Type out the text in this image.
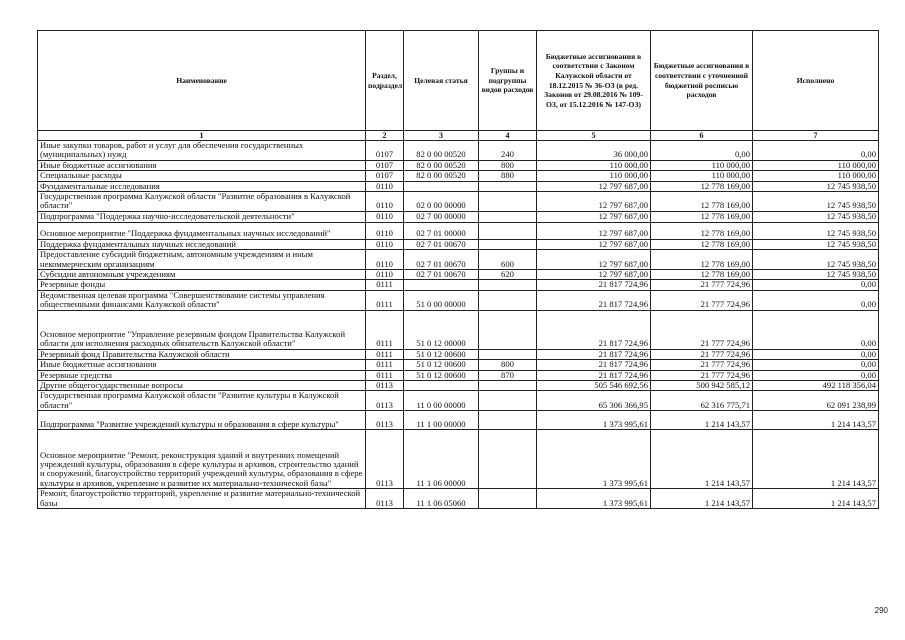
Наименование	Раздел, подраздел	Целевая статья	Группы и подгруппы видов расходов	Бюджетные ассигнования в соответствии с Законом Калужской области от 18.12.2015 № 36-ОЗ (в ред. Законов от 29.08.2016 № 109-ОЗ, от 15.12.2016 № 147-ОЗ)	Бюджетные ассигнования в соответствии с уточненной бюджетной росписью расходов	Исполнено
1	2	3	4	5	6	7
Иные закупки товаров, работ и услуг для обеспечения государственных (муниципальных) нужд	0107	82 0 00 00520	240	36 000,00	0,00	0,00
Иные бюджетные ассигнования	0107	82 0 00 00520	800	110 000,00	110 000,00	110 000,00
Специальные расходы	0107	82 0 00 00520	880	110 000,00	110 000,00	110 000,00
Фундаментальные исследования	0110			12 797 687,00	12 778 169,00	12 745 938,50
Государственная программа Калужской области "Развитие образования в Калужской области"	0110	02 0 00 00000		12 797 687,00	12 778 169,00	12 745 938,50
Подпрограмма "Поддержка научно-исследовательской деятельности"	0110	02 7 00 00000		12 797 687,00	12 778 169,00	12 745 938,50
Основное мероприятие "Поддержка фундаментальных научных исследований"	0110	02 7 01 00000		12 797 687,00	12 778 169,00	12 745 938,50
Поддержка фундаментальных научных исследований	0110	02 7 01 00670		12 797 687,00	12 778 169,00	12 745 938,50
Предоставление субсидий бюджетным, автономным учреждениям и иным некоммерческим организациям	0110	02 7 01 00670	600	12 797 687,00	12 778 169,00	12 745 938,50
Субсидии автономным учреждениям	0110	02 7 01 00670	620	12 797 687,00	12 778 169,00	12 745 938,50
Резервные фонды	0111			21 817 724,96	21 777 724,96	0,00
Ведомственная целевая программа "Совершенствование системы управления общественными финансами Калужской области"	0111	51 0 00 00000		21 817 724,96	21 777 724,96	0,00
Основное мероприятие "Управление резервным фондом Правительства Калужской области для исполнения расходных обязательств Калужской области"	0111	51 0 12 00000		21 817 724,96	21 777 724,96	0,00
Резервный фонд Правительства Калужской области	0111	51 0 12 00600		21 817 724,96	21 777 724,96	0,00
Иные бюджетные ассигнования	0111	51 0 12 00600	800	21 817 724,96	21 777 724,96	0,00
Резервные средства	0111	51 0 12 00600	870	21 817 724,96	21 777 724,96	0,00
Другие общегосударственные вопросы	0113			505 546 692,56	500 942 585,12	492 118 356,04
Государственная программа Калужской области "Развитие культуры в Калужской области"	0113	11 0 00 00000		65 306 366,95	62 316 775,71	62 091 238,99
Подпрограмма "Развитие учреждений культуры и образования в сфере культуры"	0113	11 1 00 00000		1 373 995,61	1 214 143,57	1 214 143,57
Основное мероприятие "Ремонт, реконструкция зданий и внутренних помещений учреждений культуры, образования в сфере культуры и архивов, строительство зданий и сооружений, благоустройство территорий учреждений культуры, образования в сфере культуры и архивов, укрепление и развитие их материально-технической базы"	0113	11 1 06 00000		1 373 995,61	1 214 143,57	1 214 143,57
Ремонт, благоустройство территорий, укрепление и развитие материально-технической базы	0113	11 1 06 05060		1 373 995,61	1 214 143,57	1 214 143,57
290
